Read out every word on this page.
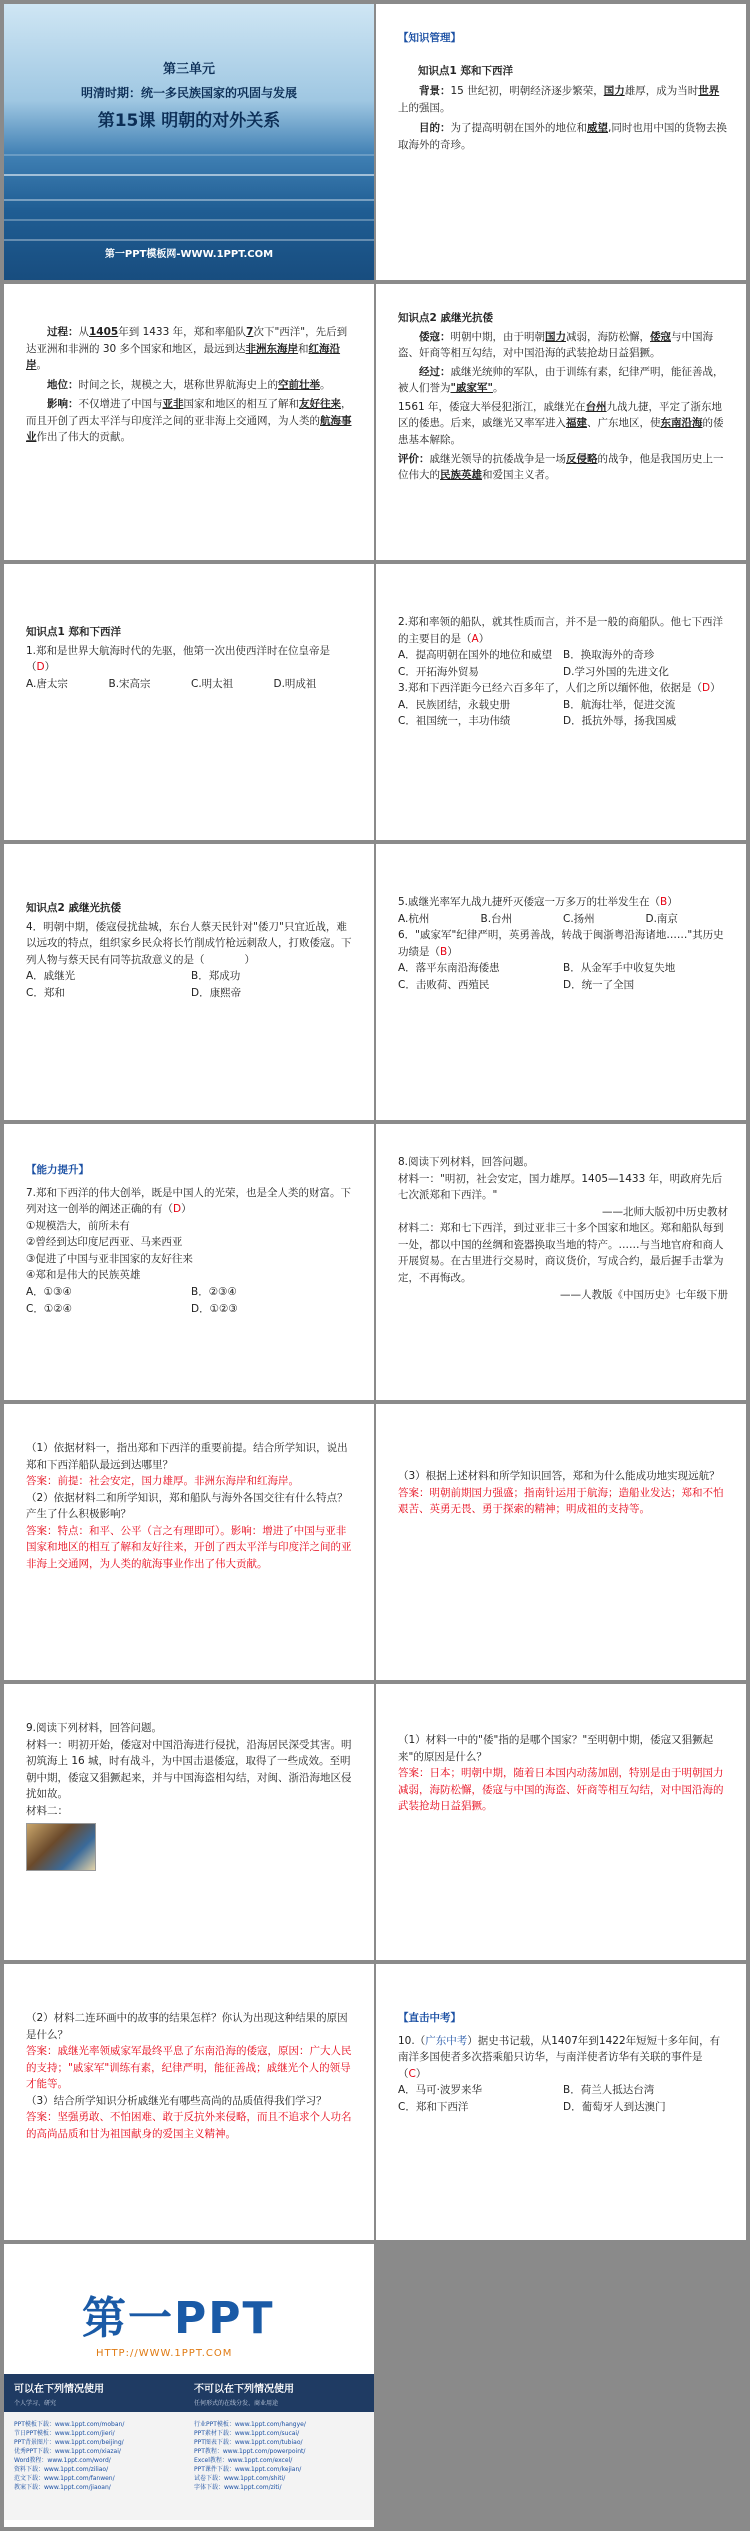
第三单元
明清时期：统一多民族国家的巩固与发展
第15课 明朝的对外关系
第一PPT模板网-WWW.1PPT.COM

【知识管理】

知识点1 郑和下西洋

背景：15 世纪初，明朝经济逐步繁荣，国力雄厚，成为当时世界上的强国。

目的：为了提高明朝在国外的地位和威望,同时也用中国的货物去换取海外的奇珍。

过程：从1405年到 1433 年，郑和率船队7次下"西洋"，先后到达亚洲和非洲的 30 多个国家和地区，最远到达非洲东海岸和红海沿岸。

地位：时间之长，规模之大，堪称世界航海史上的空前壮举。

影响：不仅增进了中国与亚非国家和地区的相互了解和友好往来，而且开创了西太平洋与印度洋之间的亚非海上交通网，为人类的航海事业作出了伟大的贡献。

知识点2 戚继光抗倭

倭寇：明朝中期，由于明朝国力减弱，海防松懈，倭寇与中国海盗、奸商等相互勾结，对中国沿海的武装抢劫日益猖獗。

经过：戚继光统帅的军队，由于训练有素，纪律严明，能征善战，被人们誉为"戚家军"。

1561 年，倭寇大举侵犯浙江，戚继光在台州九战九捷，平定了浙东地区的倭患。后来，戚继光又率军进入福建、广东地区，使东南沿海的倭患基本解除。

评价：戚继光领导的抗倭战争是一场反侵略的战争，他是我国历史上一位伟大的民族英雄和爱国主义者。

知识点1 郑和下西洋

1.郑和是世界大航海时代的先驱，他第一次出使西洋时在位皇帝是（D）

A.唐太宗	B.宋高宗	C.明太祖	D.明成祖

2.郑和率领的船队，就其性质而言，并不是一般的商船队。他七下西洋的主要目的是（A）

A．提高明朝在国外的地位和威望	B．换取海外的奇珍
C．开拓海外贸易	D.学习外国的先进文化

3.郑和下西洋距今已经六百多年了，人们之所以缅怀他，依据是（D）

A．民族团结，永载史册	B．航海壮举，促进交流
C．祖国统一，丰功伟绩	D．抵抗外辱，扬我国威

知识点2 戚继光抗倭

4．明朝中期，倭寇侵扰盐城，东台人蔡天民针对"倭刀"只宜近战，难以远攻的特点，组织家乡民众将长竹削成竹枪远刺敌人，打败倭寇。下列人物与蔡天民有同等抗敌意义的是（	）

A．戚继光	B．郑成功
C．郑和	D．康熙帝

5.戚继光率军九战九捷歼灭倭寇一万多万的壮举发生在（B）

A.杭州	B.台州	C.扬州	D.南京

6．"戚家军"纪律严明，英勇善战，转战于闽浙粤沿海诸地……"其历史功绩是（B）

A．落平东南沿海倭患	B．从金军手中收复失地
C．击败荷、西殖民	D．统一了全国

【能力提升】

7.郑和下西洋的伟大创举，既是中国人的光荣，也是全人类的财富。下列对这一创举的阐述正确的有（D）

①规模浩大，前所未有

②曾经到达印度尼西亚、马来西亚

③促进了中国与亚非国家的友好往来

④郑和是伟大的民族英雄

A．①③④	B．②③④
C．①②④	D．①②③

8.阅读下列材料，回答问题。

材料一："明初，社会安定，国力雄厚。1405—1433 年，明政府先后七次派郑和下西洋。"

——北师大版初中历史教材

材料二：郑和七下西洋，到过亚非三十多个国家和地区。郑和船队每到一处，都以中国的丝绸和瓷器换取当地的特产。……与当地官府和商人开展贸易。在古里进行交易时，商议货价，写成合约，最后握手击掌为定，不再悔改。

——人教版《中国历史》七年级下册

（1）依据材料一，指出郑和下西洋的重要前提。结合所学知识，说出郑和下西洋船队最远到达哪里？

答案：前提：社会安定，国力雄厚。非洲东海岸和红海岸。

（2）依据材料二和所学知识，郑和船队与海外各国交往有什么特点？产生了什么积极影响？

答案：特点：和平、公平（言之有理即可）。影响：增进了中国与亚非国家和地区的相互了解和友好往来，开创了西太平洋与印度洋之间的亚非海上交通网，为人类的航海事业作出了伟大贡献。

（3）根据上述材料和所学知识回答，郑和为什么能成功地实现远航？

答案：明朝前期国力强盛；指南针运用于航海；造船业发达；郑和不怕艰苦、英勇无畏、勇于探索的精神；明成祖的支持等。

9.阅读下列材料，回答问题。

材料一：明初开始，倭寇对中国沿海进行侵扰，沿海居民深受其害。明初筑海上 16 城，时有战斗，为中国击退倭寇，取得了一些成效。至明朝中期，倭寇又猖獗起来，并与中国海盗相勾结，对闽、浙沿海地区侵扰如故。

材料二：

（1）材料一中的"倭"指的是哪个国家？"至明朝中期，倭寇又猖獗起来"的原因是什么？

答案：日本；明朝中期，随着日本国内动荡加剧，特别是由于明朝国力减弱，海防松懈，倭寇与中国的海盗、奸商等相互勾结，对中国沿海的武装抢劫日益猖獗。

（2）材料二连环画中的故事的结果怎样？你认为出现这种结果的原因是什么？

答案：戚继光率领威家军最终平息了东南沿海的倭寇，原因：广大人民的支持；"戚家军"训练有素，纪律严明，能征善战；戚继光个人的领导才能等。

（3）结合所学知识分析戚继光有哪些高尚的品质值得我们学习？

答案：坚强勇敢、不怕困难、敢于反抗外来侵略，而且不追求个人功名的高尚品质和甘为祖国献身的爱国主义精神。

【直击中考】

10.（广东中考）据史书记载，从1407年到1422年短短十多年间，有南洋多国使者多次搭乘船只访华，与南洋使者访华有关联的事件是（C）

A．马可·波罗来华	B．荷兰人抵达台湾
C．郑和下西洋	D．葡萄牙人到达澳门
第一PPT
HTTP://WWW.1PPT.COM
可以在下列情况使用
个人学习、研究
不可以在下列情况使用
任何形式的在线分发、商业用途
PPT模板下载：www.1ppt.com/moban/
节日PPT模板：www.1ppt.com/jieri/
PPT背景图片：www.1ppt.com/beijing/
优秀PPT下载：www.1ppt.com/xiazai/
Word教程：www.1ppt.com/word/
资料下载：www.1ppt.com/ziliao/
范文下载：www.1ppt.com/fanwen/
教案下载：www.1ppt.com/jiaoan/
行业PPT模板：www.1ppt.com/hangye/
PPT素材下载：www.1ppt.com/sucai/
PPT图表下载：www.1ppt.com/tubiao/
PPT教程：www.1ppt.com/powerpoint/
Excel教程：www.1ppt.com/excel/
PPT课件下载：www.1ppt.com/kejian/
试卷下载：www.1ppt.com/shiti/
字体下载：www.1ppt.com/ziti/
